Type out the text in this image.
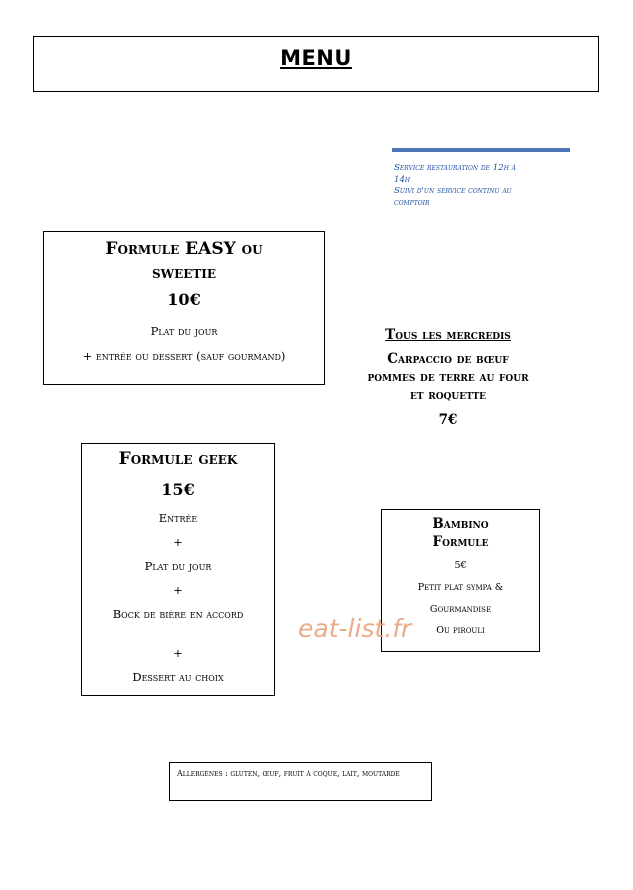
MENU
Service restauration de 12h à
14h
Suivi d'un service continu au
comptoir
Formule EASY ou
sweetie
10€
Plat du jour
+ entrée ou dessert (sauf gourmand)
Tous les mercredis
Carpaccio de bœuf
pommes de terre au four
et roquette
7€
Formule geek
15€
Entrée
+
Plat du jour
+
Bock de bière en accord
+
Dessert au choix
Bambino
Formule
5€
Petit plat sympa &
Gourmandise
Ou pirouli
eat-list.fr
Allergènes : gluten, œuf, fruit à coque, lait, moutarde
